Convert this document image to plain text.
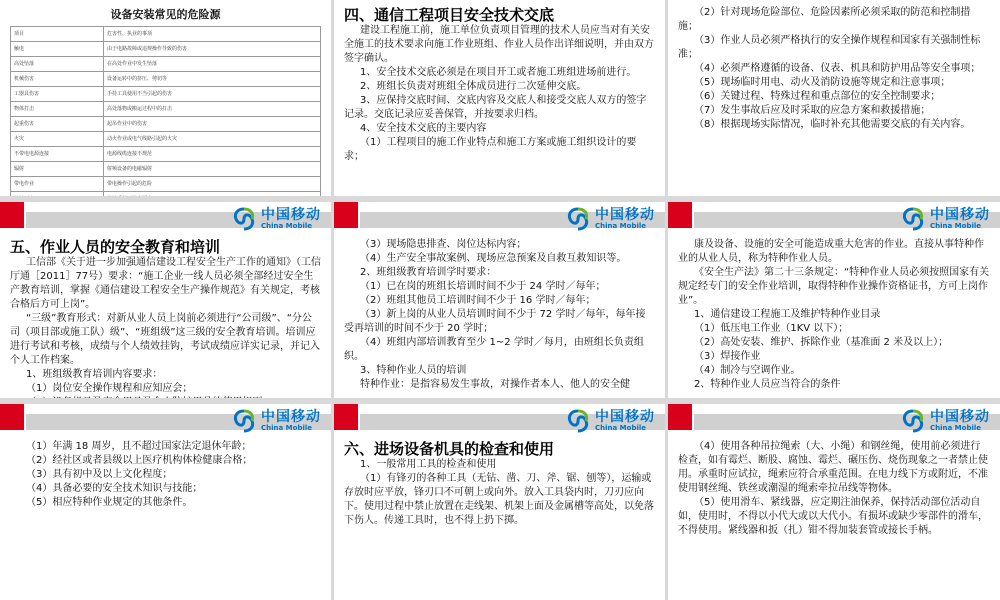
设备安装常见的危险源
项目	危害性、执业的事项
触电	由于电路故障或违规操作导致的伤害
高处坠落	在高处作业中发生坠落
机械伤害	设备运转中的挤压、剪切等
工器具伤害	手持工具使用不当引起的伤害
物体打击	高处落物或搬运过程中的打击
起重伤害	起吊作业中的伤害
火灾	动火作业或电气线路引起的火灾
不带电电源连接	电源线缆连接不规范
辐射	射频设备的电磁辐射
带电作业	带电操作引起的危险

四、通信工程项目安全技术交底

建设工程施工前，施工单位负责项目管理的技术人员应当对有关安全施工的技术要求向施工作业班组、作业人员作出详细说明，并由双方签字确认。

1、安全技术交底必须是在项目开工或者施工班组进场前进行。

2、班组长负责对班组全体成员进行二次延伸交底。

3、应保持交底时间、交底内容及交底人和接受交底人双方的签字记录。交底记录应妥善保管，并按要求归档。

4、安全技术交底的主要内容

（1）工程项目的施工作业特点和施工方案或施工组织设计的要求；

（2）针对现场危险部位、危险因素所必须采取的防范和控制措施；

（3）作业人员必须严格执行的安全操作规程和国家有关强制性标准；

（4）必须严格遵循的设备、仪表、机具和防护用品等安全事项；

（5）现场临时用电、动火及消防设施等规定和注意事项；

（6）关键过程、特殊过程和重点部位的安全控制要求；

（7）发生事故后应及时采取的应急方案和救援措施；

（8）根据现场实际情况，临时补充其他需要交底的有关内容。

中国移动
China Mobile

五、作业人员的安全教育和培训

工信部《关于进一步加强通信建设工程安全生产工作的通知》（工信厅通［2011］77号）要求：“施工企业一线人员必须全部经过安全生产教育培训，掌握《通信建设工程安全生产操作规范》有关规定，考核合格后方可上岗”。

“三级”教育形式：对新从业人员上岗前必须进行“公司级”、“分公司（项目部或施工队）级”、“班组级”这三级的安全教育培训。培训应进行考试和考核，成绩与个人绩效挂钩，考试成绩应详实记录，并记入个人工作档案。

1、班组级教育培训内容要求：

（1）岗位安全操作规程和应知应会；

中国移动
China Mobile

（3）现场隐患排查、岗位达标内容；

（4）生产安全事故案例、现场应急预案及自救互救知识等。

2、班组级教育培训学时要求：

（1）已在岗的班组长培训时间不少于 24 学时／每年；

（2）班组其他员工培训时间不少于 16 学时／每年；

（3）新上岗的从业人员培训时间不少于 72 学时／每年，每年接受再培训的时间不少于 20 学时；

（4）班组内部培训教育至少 1~2 学时／每月，由班组长负责组织。

3、特种作业人员的培训

特种作业：是指容易发生事故，对操作者本人、他人的安全健

中国移动
China Mobile

康及设备、设施的安全可能造成重大危害的作业。直接从事特种作业的从业人员，称为特种作业人员。

《安全生产法》第二十三条规定：“特种作业人员必须按照国家有关规定经专门的安全作业培训，取得特种作业操作资格证书，方可上岗作业”。

1、通信建设工程施工及维护特种作业目录

（1）低压电工作业（1KV 以下）；

（2）高处安装、维护、拆除作业（基准面 2 米及以上）；

（3）焊接作业

（4）制冷与空调作业。

2、特种作业人员应当符合的条件

中国移动
China Mobile

（1）年满 18 周岁，且不超过国家法定退休年龄；

（2）经社区或者县级以上医疗机构体检健康合格；

（3）具有初中及以上文化程度；

（4）具备必要的安全技术知识与技能；

（5）相应特种作业规定的其他条件。

中国移动
China Mobile

六、进场设备机具的检查和使用

1、一般常用工具的检查和使用

（1）有锋刃的各种工具（无钻、凿、刀、斧、锯、刨等），运输或存放时应平放，锋刃口不可朝上或向外。放入工具袋内时，刀刃应向下。使用过程中禁止放置在走线架、机架上面及金属槽等高处，以免落下伤人。传递工具时，也不得上扔下掷。

中国移动
China Mobile

（4）使用各种吊拉绳索（大、小绳）和钢丝绳，使用前必须进行检查，如有霉烂、断股、腐蚀、霉烂、碾压伤、烧伤现象之一者禁止使用。承重时应试拉，绳索应符合承重范围。在电力线下方或附近，不准使用钢丝绳、铁丝或潮湿的绳索牵拉吊线等物体。

（5）使用滑车、紧线器，应定期注油保养，保持活动部位活动自如，使用时，不得以小代大或以大代小。有损坏或缺少零部件的滑车，不得使用。紧线器和扳（扎）钳不得加装套管或接长手柄。
